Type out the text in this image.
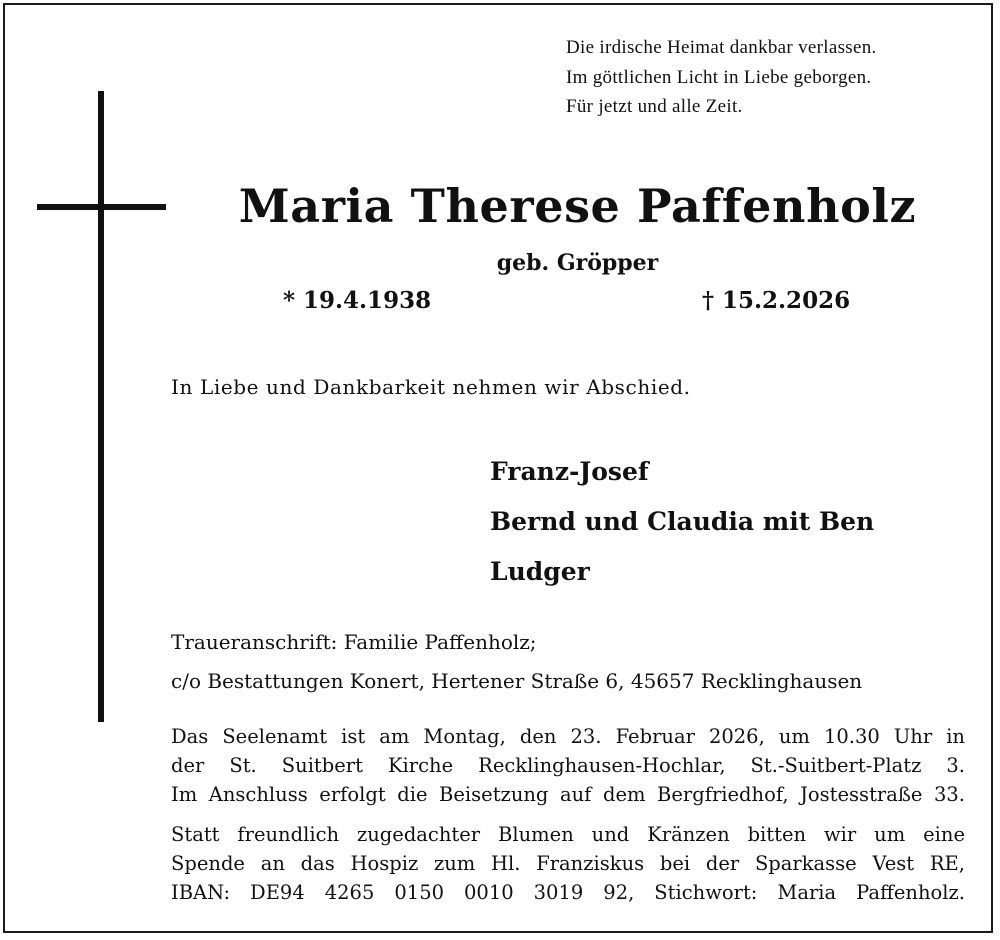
Die irdische Heimat dankbar verlassen.
Im göttlichen Licht in Liebe geborgen.
Für jetzt und alle Zeit.
Maria Therese Paffenholz
geb. Gröpper
* 19.4.1938	† 15.2.2026
In Liebe und Dankbarkeit nehmen wir Abschied.
Franz-Josef
Bernd und Claudia mit Ben
Ludger
Traueranschrift: Familie Paffenholz;
c/o Bestattungen Konert, Hertener Straße 6, 45657 Recklinghausen
Das Seelenamt ist am Montag, den 23. Februar 2026, um 10.30 Uhr in
der St. Suitbert Kirche Recklinghausen-Hochlar, St.-Suitbert-Platz 3.
Im Anschluss erfolgt die Beisetzung auf dem Bergfriedhof, Jostesstraße 33.
Statt freundlich zugedachter Blumen und Kränzen bitten wir um eine
Spende an das Hospiz zum Hl. Franziskus bei der Sparkasse Vest RE,
IBAN: DE94 4265 0150 0010 3019 92, Stichwort: Maria Paffenholz.
